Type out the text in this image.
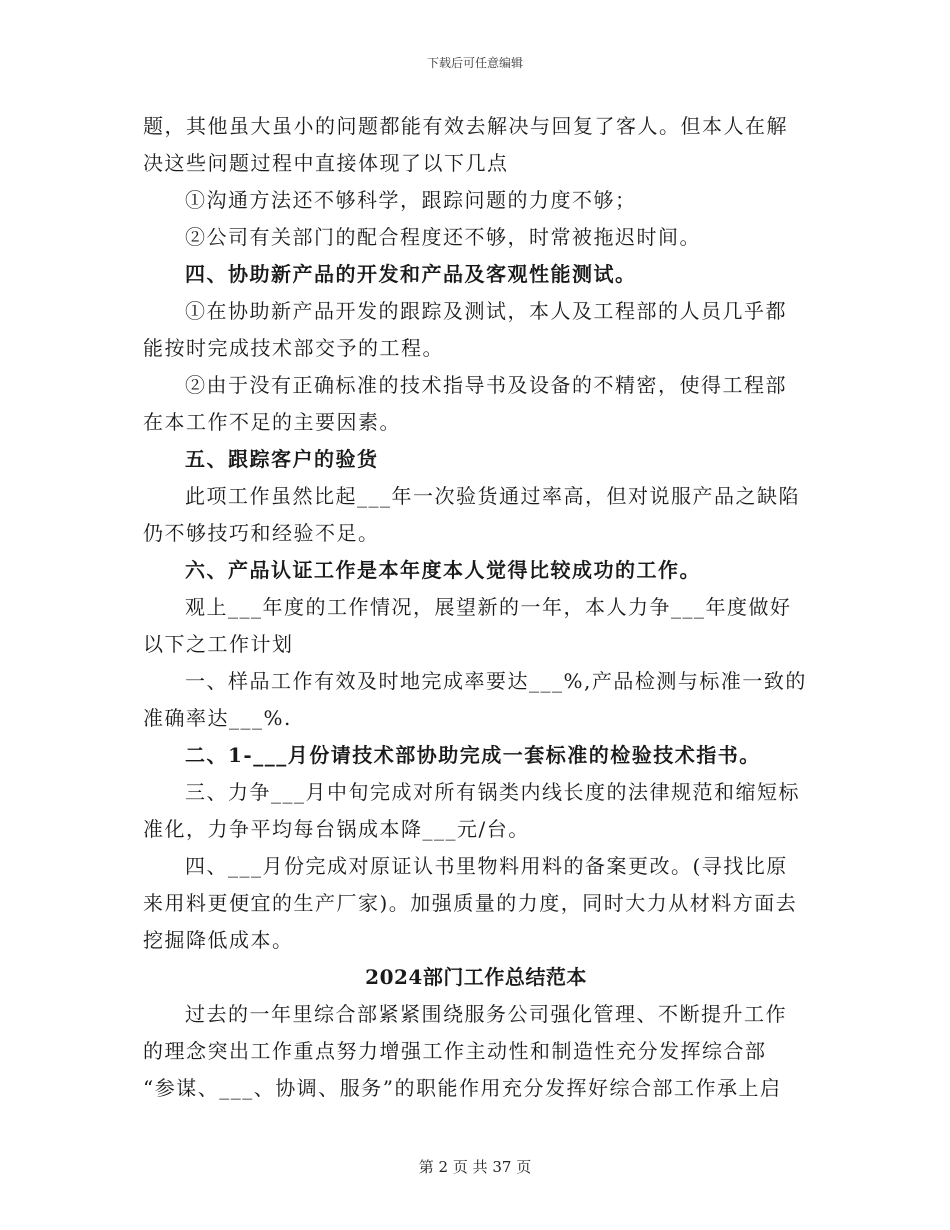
下载后可任意编辑
题，其他虽大虽小的问题都能有效去解决与回复了客人。但本人在解
决这些问题过程中直接体现了以下几点
①沟通方法还不够科学，跟踪问题的力度不够；
②公司有关部门的配合程度还不够，时常被拖迟时间。
四、协助新产品的开发和产品及客观性能测试。
①在协助新产品开发的跟踪及测试，本人及工程部的人员几乎都
能按时完成技术部交予的工程。
②由于没有正确标准的技术指导书及设备的不精密，使得工程部
在本工作不足的主要因素。
五、跟踪客户的验货
此项工作虽然比起___年一次验货通过率高，但对说服产品之缺陷
仍不够技巧和经验不足。
六、产品认证工作是本年度本人觉得比较成功的工作。
观上___年度的工作情况，展望新的一年，本人力争___年度做好
以下之工作计划
一、样品工作有效及时地完成率要达___%,产品检测与标准一致的
准确率达___%.
二、1-___月份请技术部协助完成一套标准的检验技术指书。
三、力争___月中旬完成对所有锅类内线长度的法律规范和缩短标
准化，力争平均每台锅成本降___元/台。
四、___月份完成对原证认书里物料用料的备案更改。(寻找比原
来用料更便宜的生产厂家)。加强质量的力度，同时大力从材料方面去
挖掘降低成本。
2024部门工作总结范本
过去的一年里综合部紧紧围绕服务公司强化管理、不断提升工作
的理念突出工作重点努力增强工作主动性和制造性充分发挥综合部
“参谋、___、协调、服务”的职能作用充分发挥好综合部工作承上启
第 2 页 共 37 页
